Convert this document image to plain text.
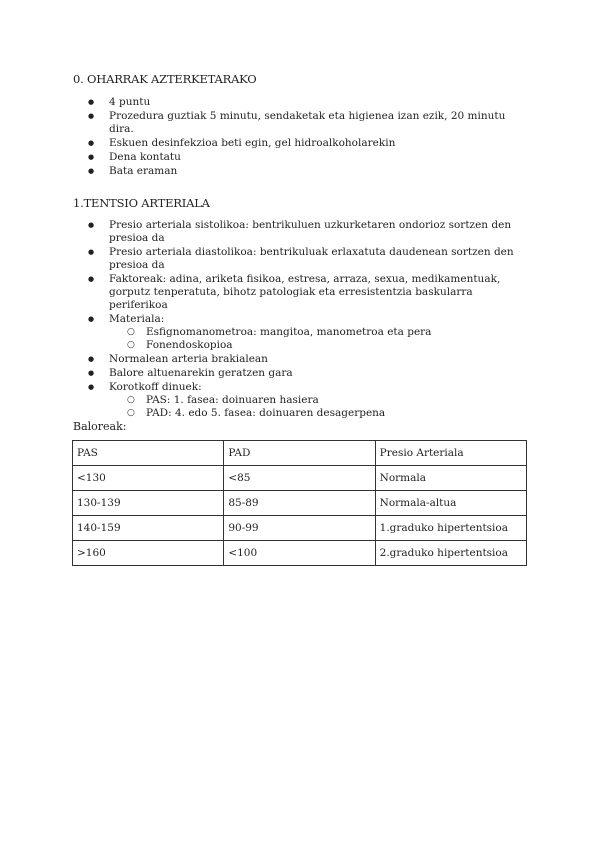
0. OHARRAK AZTERKETARAKO
● 4 puntu
● Prozedura guztiak 5 minutu, sendaketak eta higienea izan ezik, 20 minutu dira.
● Eskuen desinfekzioa beti egin, gel hidroalkoholarekin
● Dena kontatu
● Bata eraman
1.TENTSIO ARTERIALA
● Presio arteriala sistolikoa: bentrikuluen uzkurketaren ondorioz sortzen den presioa da
● Presio arteriala diastolikoa: bentrikuluak erlaxatuta daudenean sortzen den presioa da
● Faktoreak: adina, ariketa fisikoa, estresa, arraza, sexua, medikamentuak, gorputz tenperatuta, bihotz patologiak eta erresistentzia baskularra periferikoa
● Materiala:
○ Esfignomanometroa: mangitoa, manometroa eta pera
○ Fonendoskopioa
● Normalean arteria brakialean
● Balore altuenarekin geratzen gara
● Korotkoff dinuek:
○ PAS: 1. fasea: doinuaren hasiera
○ PAD: 4. edo 5. fasea: doinuaren desagerpena
Baloreak:
PAS	PAD	Presio Arteriala
<130	<85	Normala
130-139	85-89	Normala-altua
140-159	90-99	1.graduko hipertentsioa
>160	<100	2.graduko hipertentsioa
